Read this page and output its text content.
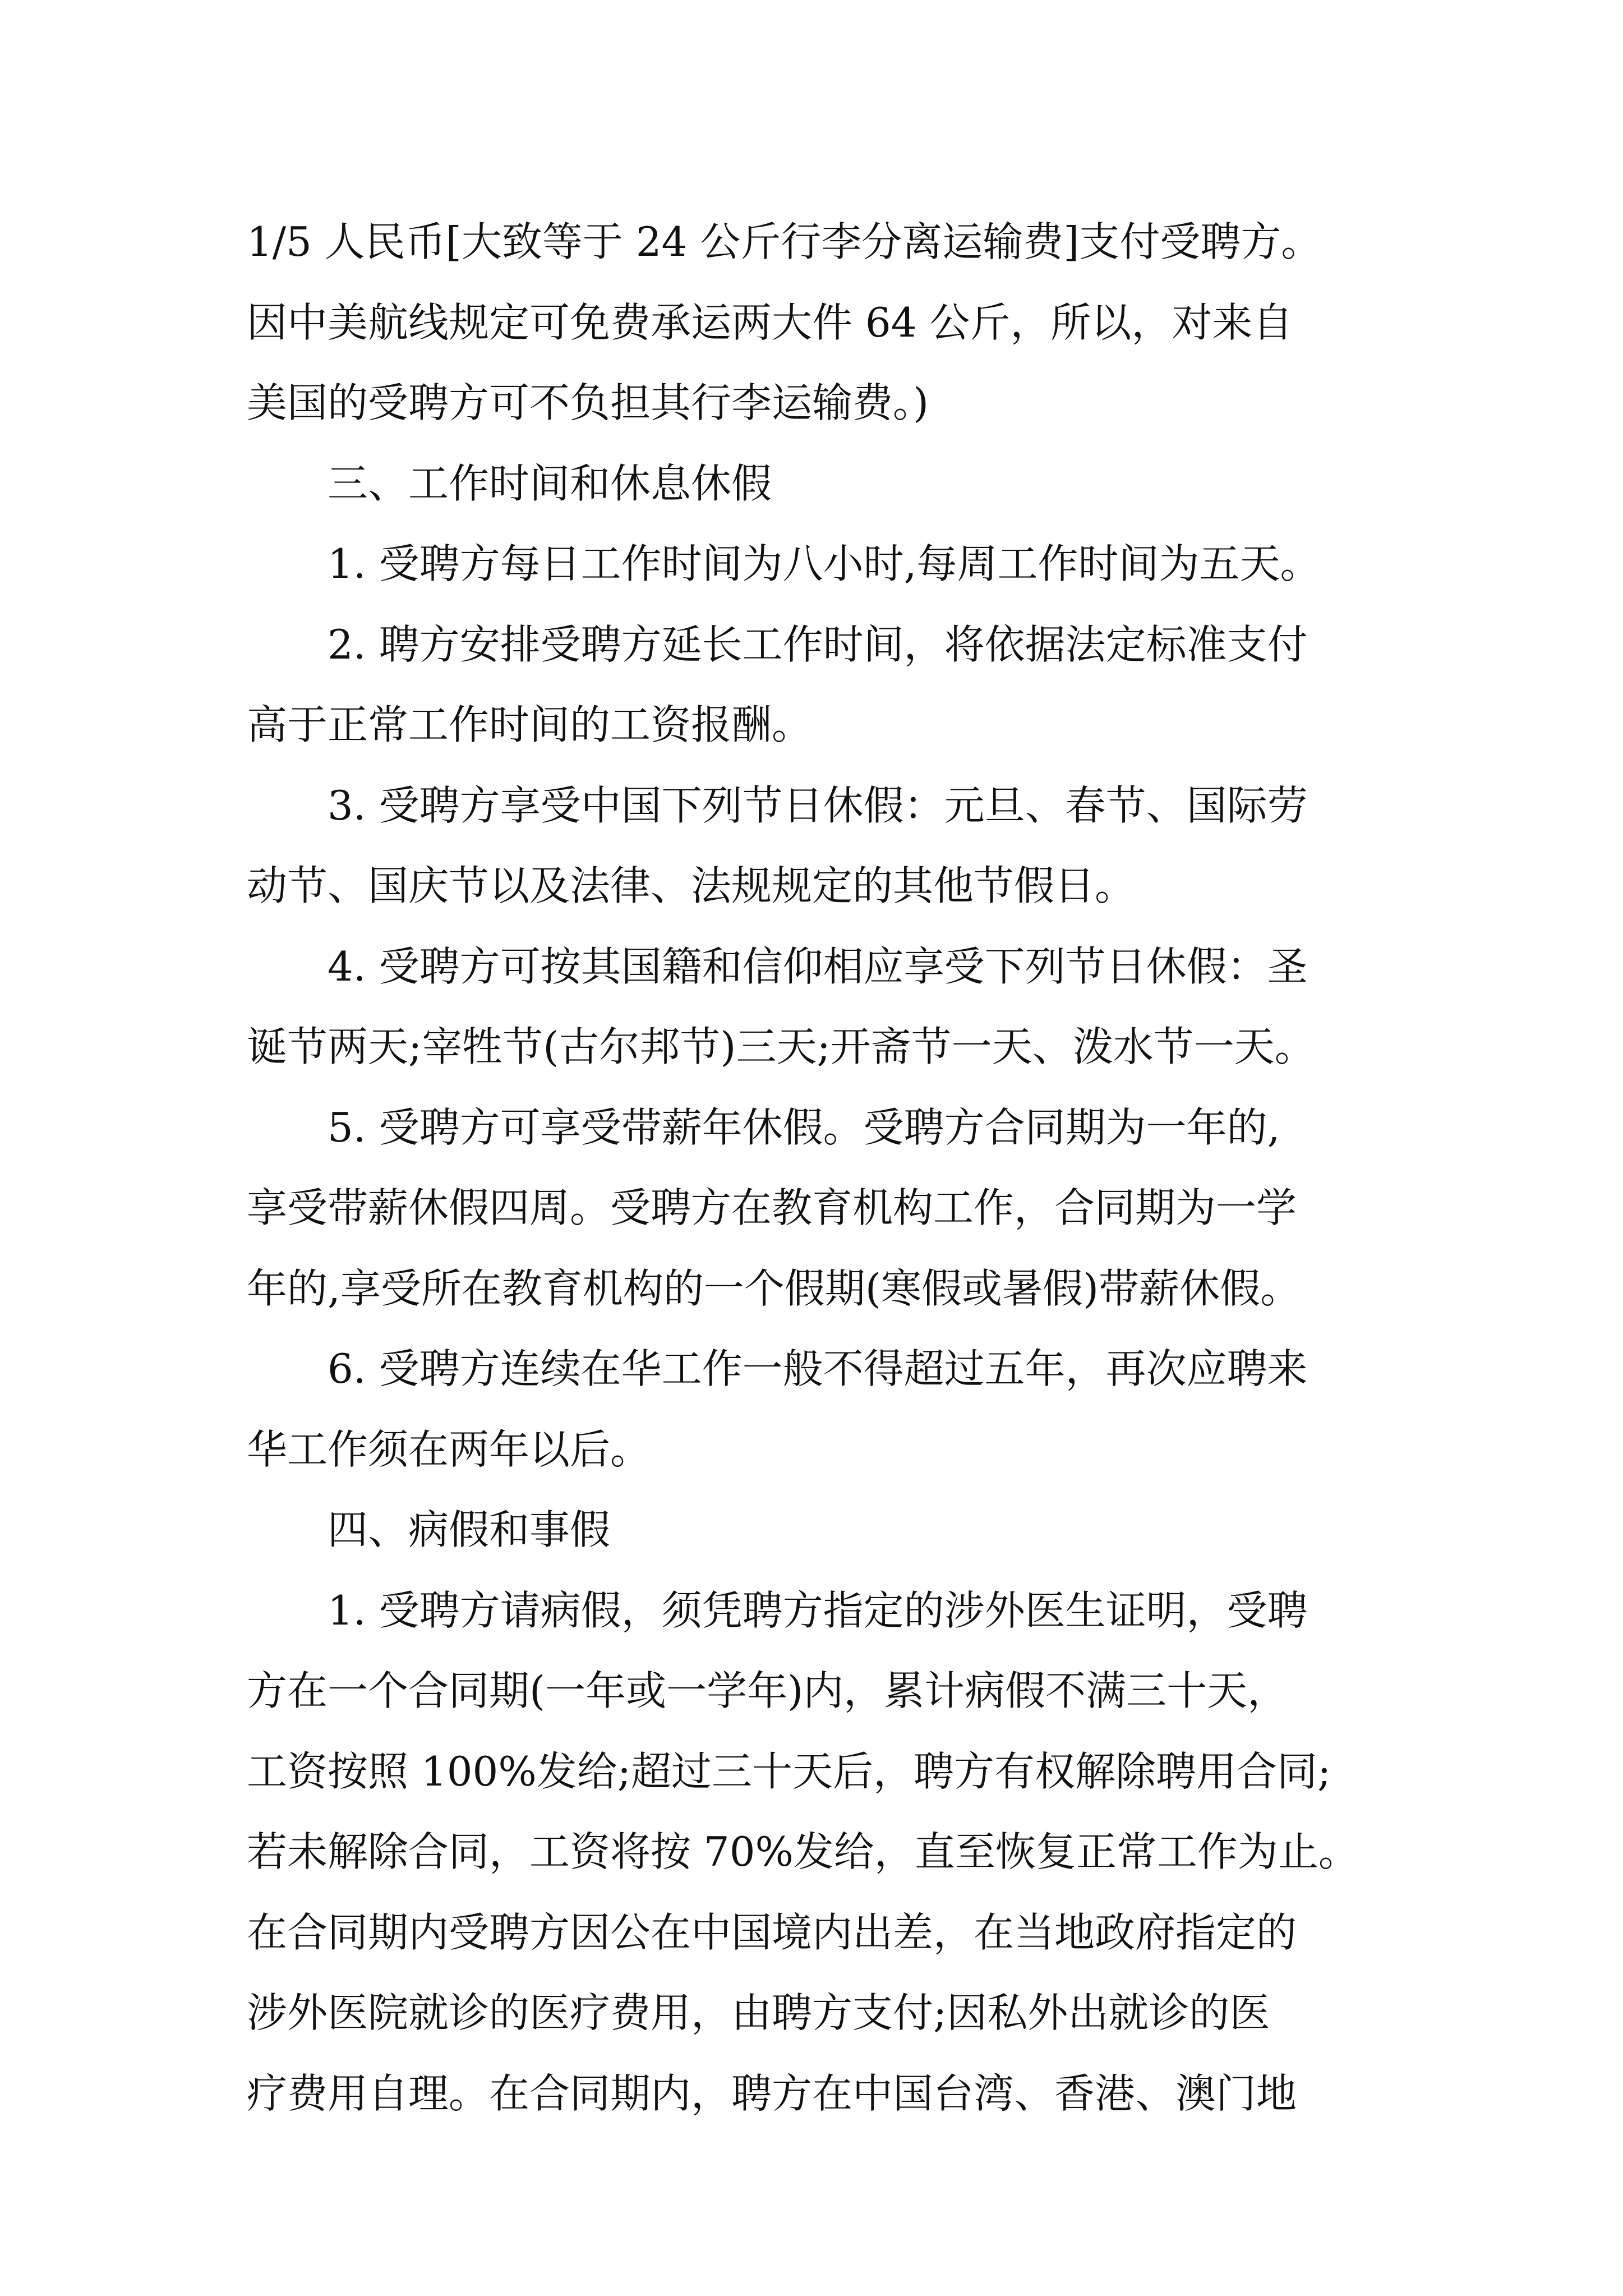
1/5 人民币[大致等于 24 公斤行李分离运输费]支付受聘方。
因中美航线规定可免费承运两大件 64 公斤，所以，对来自
美国的受聘方可不负担其行李运输费。)
三、工作时间和休息休假
1. 受聘方每日工作时间为八小时,每周工作时间为五天。
2. 聘方安排受聘方延长工作时间，将依据法定标准支付
高于正常工作时间的工资报酬。
3. 受聘方享受中国下列节日休假：元旦、春节、国际劳
动节、国庆节以及法律、法规规定的其他节假日。
4. 受聘方可按其国籍和信仰相应享受下列节日休假：圣
诞节两天;宰牲节(古尔邦节)三天;开斋节一天、泼水节一天。
5. 受聘方可享受带薪年休假。受聘方合同期为一年的,
享受带薪休假四周。受聘方在教育机构工作，合同期为一学
年的,享受所在教育机构的一个假期(寒假或暑假)带薪休假。
6. 受聘方连续在华工作一般不得超过五年，再次应聘来
华工作须在两年以后。
四、病假和事假
1. 受聘方请病假，须凭聘方指定的涉外医生证明，受聘
方在一个合同期(一年或一学年)内，累计病假不满三十天，
工资按照 100%发给;超过三十天后，聘方有权解除聘用合同;
若未解除合同，工资将按 70%发给，直至恢复正常工作为止。
在合同期内受聘方因公在中国境内出差，在当地政府指定的
涉外医院就诊的医疗费用，由聘方支付;因私外出就诊的医
疗费用自理。在合同期内，聘方在中国台湾、香港、澳门地
